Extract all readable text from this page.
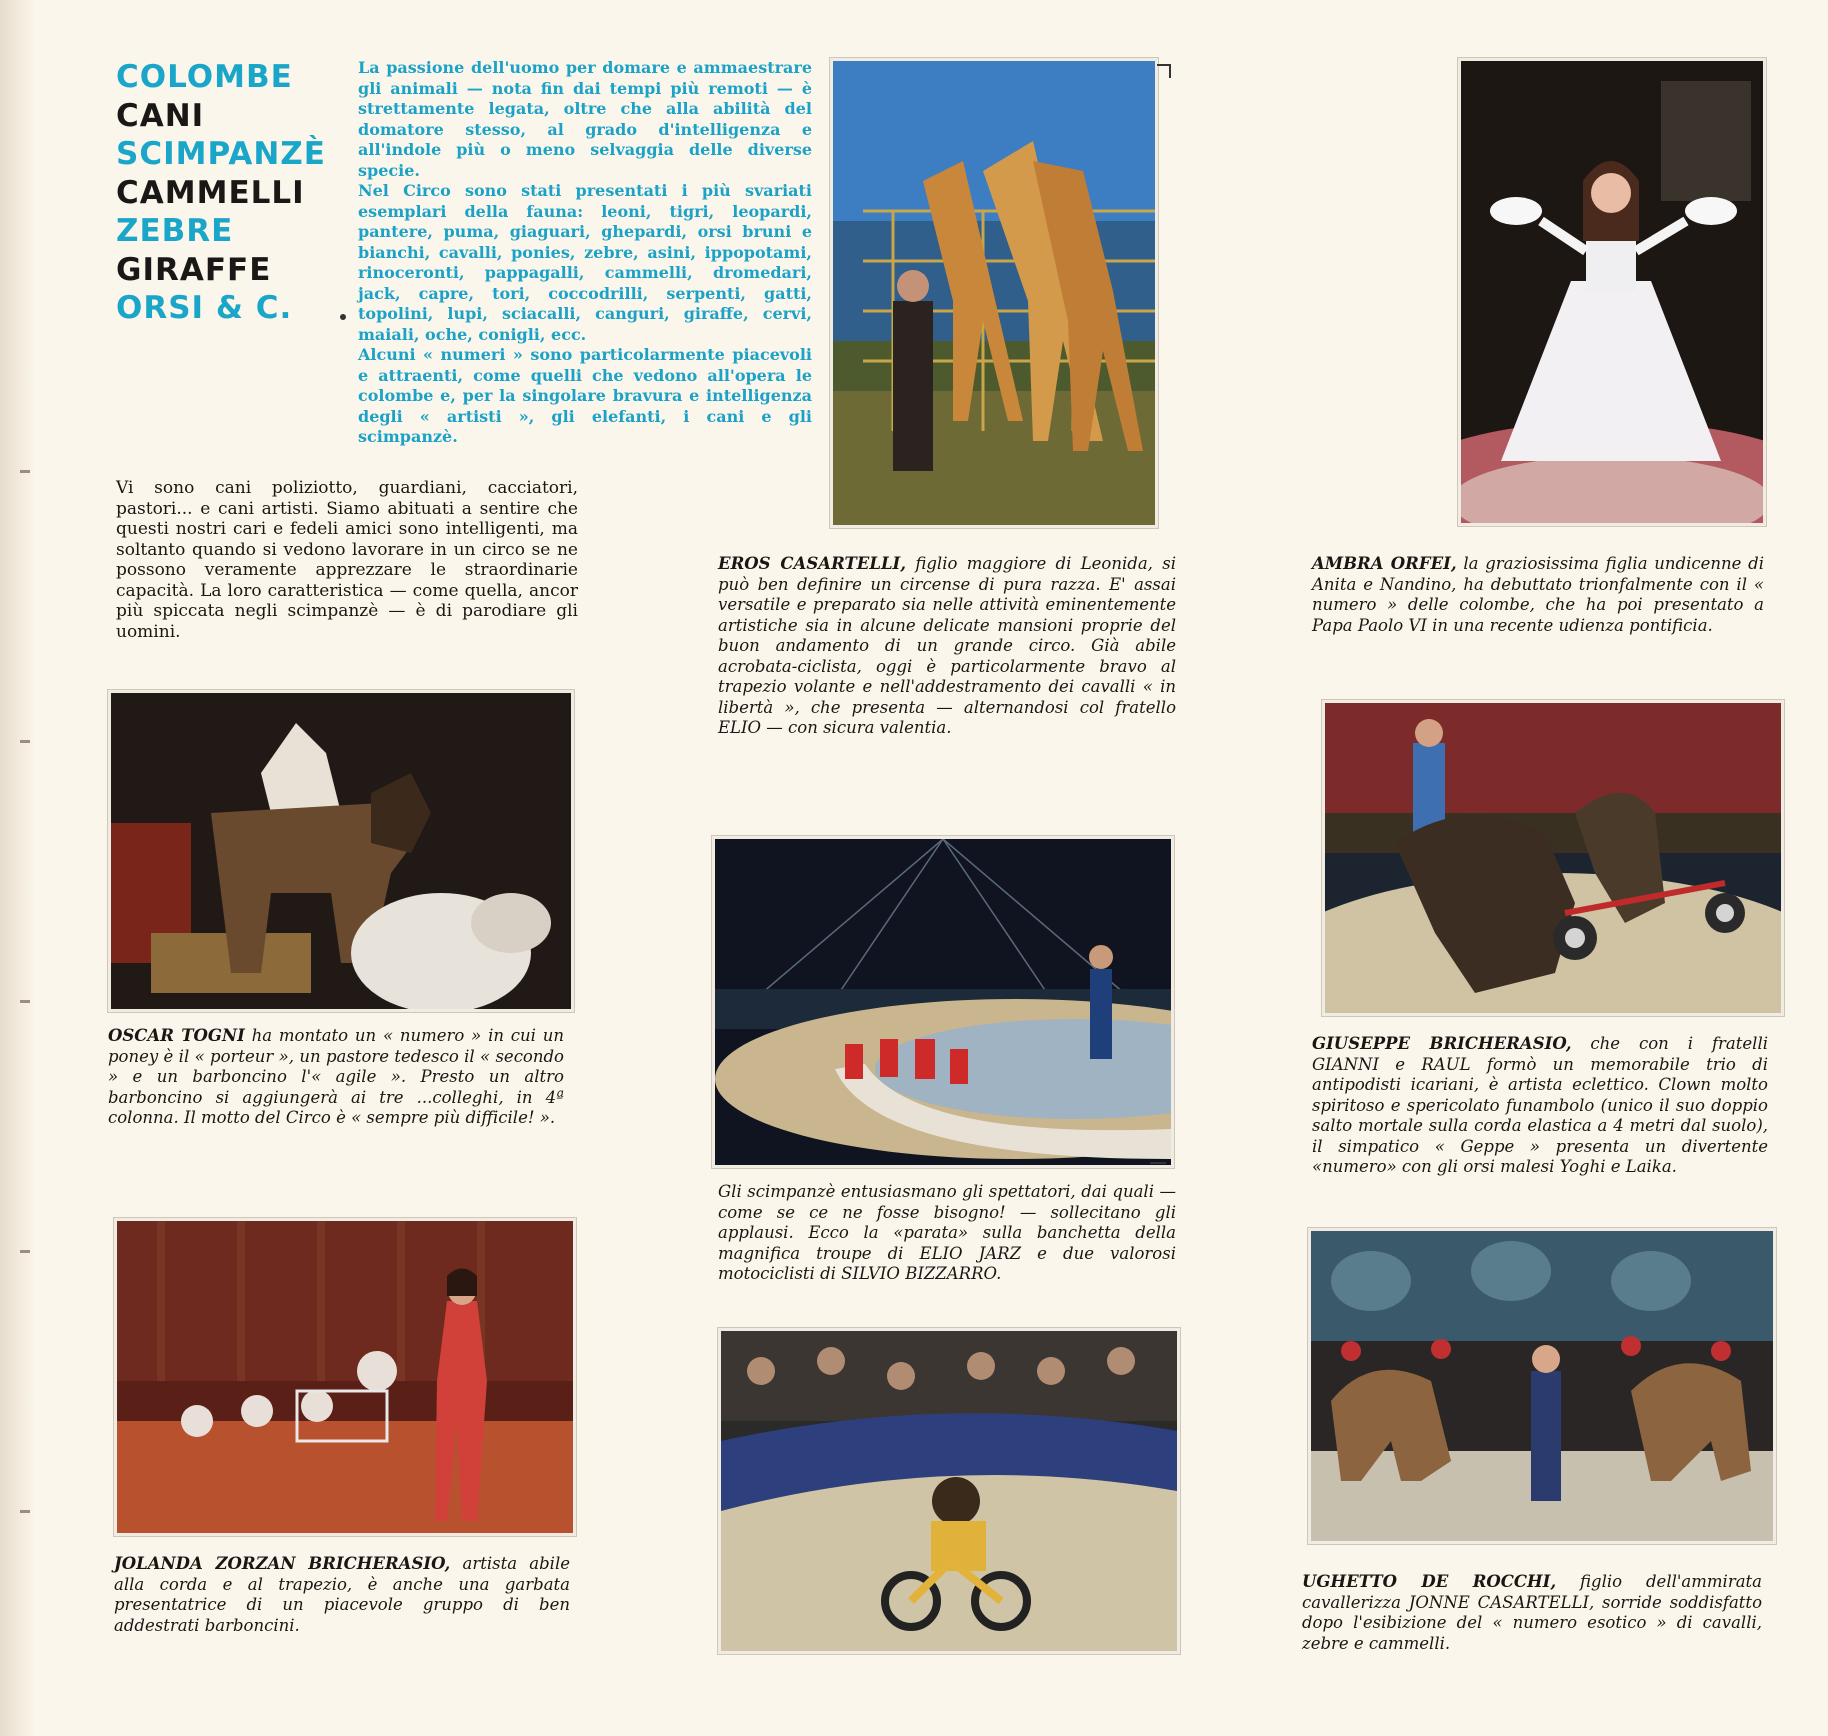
COLOMBE
CANI
SCIMPANZÈ
CAMMELLI
ZEBRE
GIRAFFE
ORSI & C.

La passione dell'uomo per domare e ammaestrare gli animali — nota fin dai tempi più remoti — è strettamente legata, oltre che alla abilità del domatore stesso, al grado d'intelligenza e all'indole più o meno selvaggia delle diverse specie.

Nel Circo sono stati presentati i più svariati esemplari della fauna: leoni, tigri, leopardi, pantere, puma, giaguari, ghepardi, orsi bruni e bianchi, cavalli, ponies, zebre, asini, ippopotami, rinoceronti, pappagalli, cammelli, dromedari, jack, capre, tori, coccodrilli, serpenti, gatti, topolini, lupi, sciacalli, canguri, giraffe, cervi, maiali, oche, conigli, ecc.

Alcuni « numeri » sono particolarmente piacevoli e attraenti, come quelli che vedono all'opera le colombe e, per la singolare bravura e intelligenza degli « artisti », gli elefanti, i cani e gli scimpanzè.

Vi sono cani poliziotto, guardiani, cacciatori, pastori... e cani artisti. Siamo abituati a sentire che questi nostri cari e fedeli amici sono intelligenti, ma soltanto quando si vedono lavorare in un circo se ne possono veramente apprezzare le straordinarie capacità. La loro caratteristica — come quella, ancor più spiccata negli scimpanzè — è di parodiare gli uomini.

EROS CASARTELLI, figlio maggiore di Leonida, si può ben definire un circense di pura razza. E' assai versatile e preparato sia nelle attività eminentemente artistiche sia in alcune delicate mansioni proprie del buon andamento di un grande circo. Già abile acrobata-ciclista, oggi è particolarmente bravo al trapezio volante e nell'addestramento dei cavalli « in libertà », che presenta — alternandosi col fratello ELIO — con sicura valentia.

AMBRA ORFEI, la graziosissima figlia undicenne di Anita e Nandino, ha debuttato trionfalmente con il « numero » delle colombe, che ha poi presentato a Papa Paolo VI in una recente udienza pontificia.

OSCAR TOGNI ha montato un « numero » in cui un poney è il « porteur », un pastore tedesco il « secondo » e un barboncino l'« agile ». Presto un altro barboncino si aggiungerà ai tre ...colleghi, in 4ª colonna. Il motto del Circo è « sempre più difficile! ».

GIUSEPPE BRICHERASIO, che con i fratelli GIANNI e RAUL formò un memorabile trio di antipodisti icariani, è artista eclettico. Clown molto spiritoso e spericolato funambolo (unico il suo doppio salto mortale sulla corda elastica a 4 metri dal suolo), il simpatico « Geppe » presenta un divertente «numero» con gli orsi malesi Yoghi e Laika.

Gli scimpanzè entusiasmano gli spettatori, dai quali — come se ce ne fosse bisogno! — sollecitano gli applausi. Ecco la «parata» sulla banchetta della magnifica troupe di ELIO JARZ e due valorosi motociclisti di SILVIO BIZZARRO.

JOLANDA ZORZAN BRICHERASIO, artista abile alla corda e al trapezio, è anche una garbata presentatrice di un piacevole gruppo di ben addestrati barboncini.

UGHETTO DE ROCCHI, figlio dell'ammirata cavallerizza JONNE CASARTELLI, sorride soddisfatto dopo l'esibizione del « numero esotico » di cavalli, zebre e cammelli.
